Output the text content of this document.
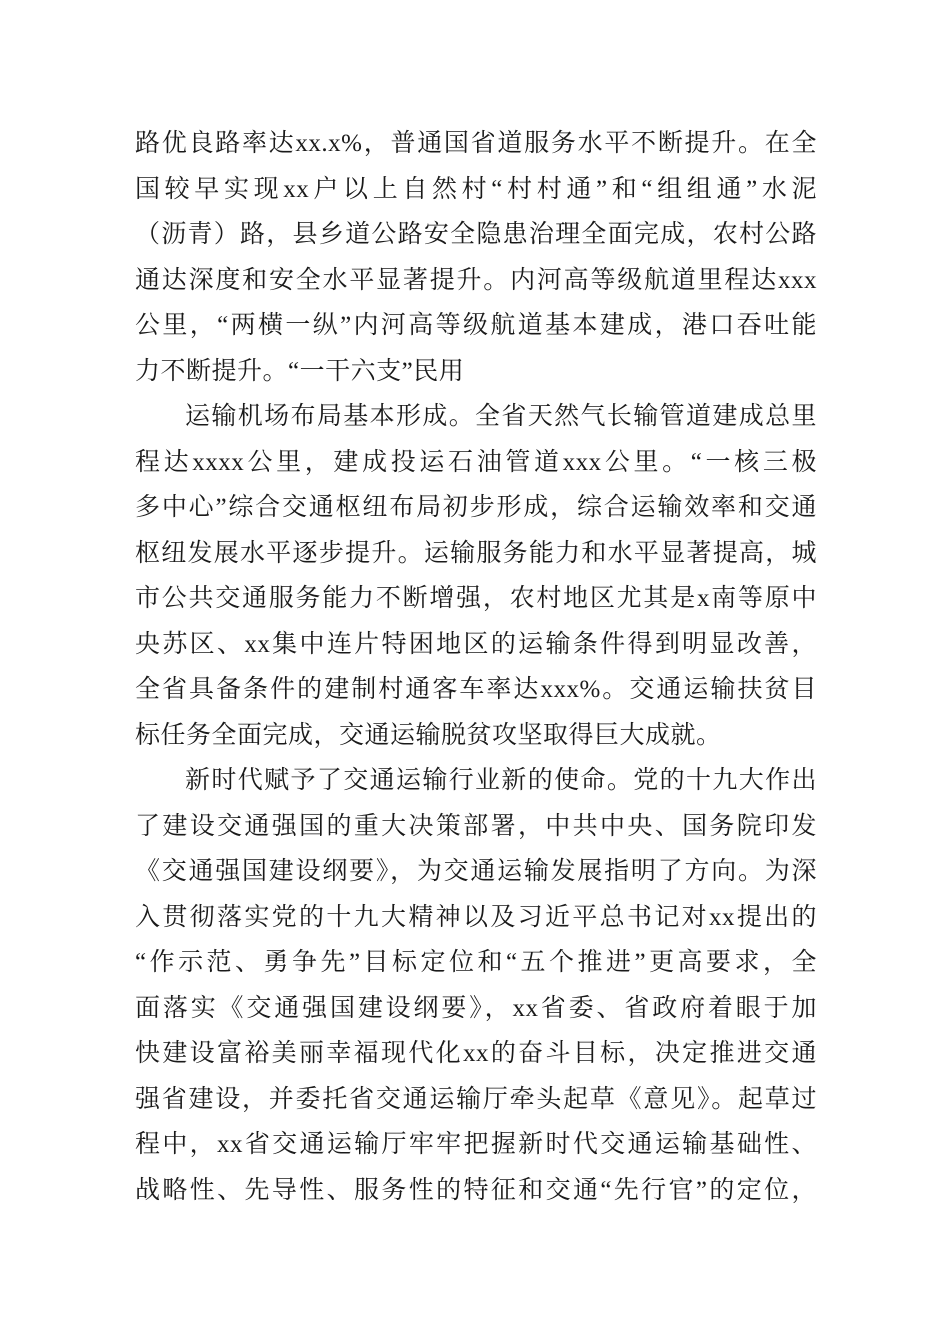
路优良路率达xx.x%，普通国省道服务水平不断提升。在全
国较早实现xx户以上自然村“村村通”和“组组通”水泥
（沥青）路，县乡道公路安全隐患治理全面完成，农村公路
通达深度和安全水平显著提升。内河高等级航道里程达xxx
公里，“两横一纵”内河高等级航道基本建成，港口吞吐能
力不断提升。“一干六支”民用
运输机场布局基本形成。全省天然气长输管道建成总里
程达xxxx公里，建成投运石油管道xxx公里。“一核三极
多中心”综合交通枢纽布局初步形成，综合运输效率和交通
枢纽发展水平逐步提升。运输服务能力和水平显著提高，城
市公共交通服务能力不断增强，农村地区尤其是x南等原中
央苏区、xx集中连片特困地区的运输条件得到明显改善，
全省具备条件的建制村通客车率达xxx%。交通运输扶贫目
标任务全面完成，交通运输脱贫攻坚取得巨大成就。
新时代赋予了交通运输行业新的使命。党的十九大作出
了建设交通强国的重大决策部署，中共中央、国务院印发
《交通强国建设纲要》，为交通运输发展指明了方向。为深
入贯彻落实党的十九大精神以及习近平总书记对xx提出的
“作示范、勇争先”目标定位和“五个推进”更高要求，全
面落实《交通强国建设纲要》，xx省委、省政府着眼于加
快建设富裕美丽幸福现代化xx的奋斗目标，决定推进交通
强省建设，并委托省交通运输厅牵头起草《意见》。起草过
程中，xx省交通运输厅牢牢把握新时代交通运输基础性、
战略性、先导性、服务性的特征和交通“先行官”的定位，
